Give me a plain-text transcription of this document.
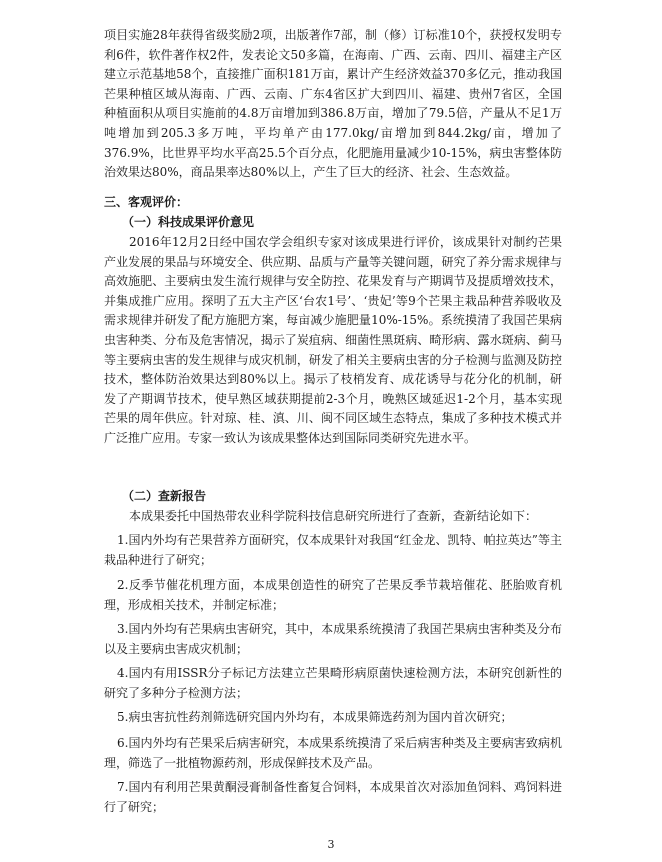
项目实施28年获得省级奖励2项，出版著作7部，制（修）订标准10个，获授权发明专利6件，软件著作权2件，发表论文50多篇，在海南、广西、云南、四川、福建主产区建立示范基地58个，直接推广面积181万亩，累计产生经济效益370多亿元，推动我国芒果种植区域从海南、广西、云南、广东4省区扩大到四川、福建、贵州7省区，全国种植面积从项目实施前的4.8万亩增加到386.8万亩，增加了79.5倍，产量从不足1万吨增加到205.3多万吨，平均单产由177.0kg/亩增加到844.2kg/亩，增加了376.9%，比世界平均水平高25.5个百分点，化肥施用量减少10-15%，病虫害整体防治效果达80%，商品果率达80%以上，产生了巨大的经济、社会、生态效益。

三、客观评价：
（一）科技成果评价意见

2016年12月2日经中国农学会组织专家对该成果进行评价，该成果针对制约芒果产业发展的果品与环境安全、供应期、品质与产量等关键问题，研究了养分需求规律与高效施肥、主要病虫发生流行规律与安全防控、花果发育与产期调节及提质增效技术，并集成推广应用。探明了五大主产区‘台农1号’、‘贵妃’等9个芒果主栽品种营养吸收及需求规律并研发了配方施肥方案，每亩减少施肥量10%-15%。系统摸清了我国芒果病虫害种类、分布及危害情况，揭示了炭疽病、细菌性黑斑病、畸形病、露水斑病、蓟马等主要病虫害的发生规律与成灾机制，研发了相关主要病虫害的分子检测与监测及防控技术，整体防治效果达到80%以上。揭示了枝梢发育、成花诱导与花分化的机制，研发了产期调节技术，使早熟区域获期提前2-3个月，晚熟区域延迟1-2个月，基本实现芒果的周年供应。针对琼、桂、滇、川、闽不同区域生态特点，集成了多种技术模式并广泛推广应用。专家一致认为该成果整体达到国际同类研究先进水平。

（二）查新报告

本成果委托中国热带农业科学院科技信息研究所进行了查新，查新结论如下：

1.国内外均有芒果营养方面研究，仅本成果针对我国“红金龙、凯特、帕拉英达”等主栽品种进行了研究；

2.反季节催花机理方面，本成果创造性的研究了芒果反季节栽培催花、胚胎败育机理，形成相关技术，并制定标准；

3.国内外均有芒果病虫害研究，其中，本成果系统摸清了我国芒果病虫害种类及分布以及主要病虫害成灾机制；

4.国内有用ISSR分子标记方法建立芒果畸形病原菌快速检测方法，本研究创新性的研究了多种分子检测方法；

5.病虫害抗性药剂筛选研究国内外均有，本成果筛选药剂为国内首次研究；

6.国内外均有芒果采后病害研究，本成果系统摸清了采后病害种类及主要病害致病机理，筛选了一批植物源药剂，形成保鲜技术及产品。

7.国内有利用芒果黄酮浸膏制备性畜复合饲料，本成果首次对添加鱼饲料、鸡饲料进行了研究；

3
